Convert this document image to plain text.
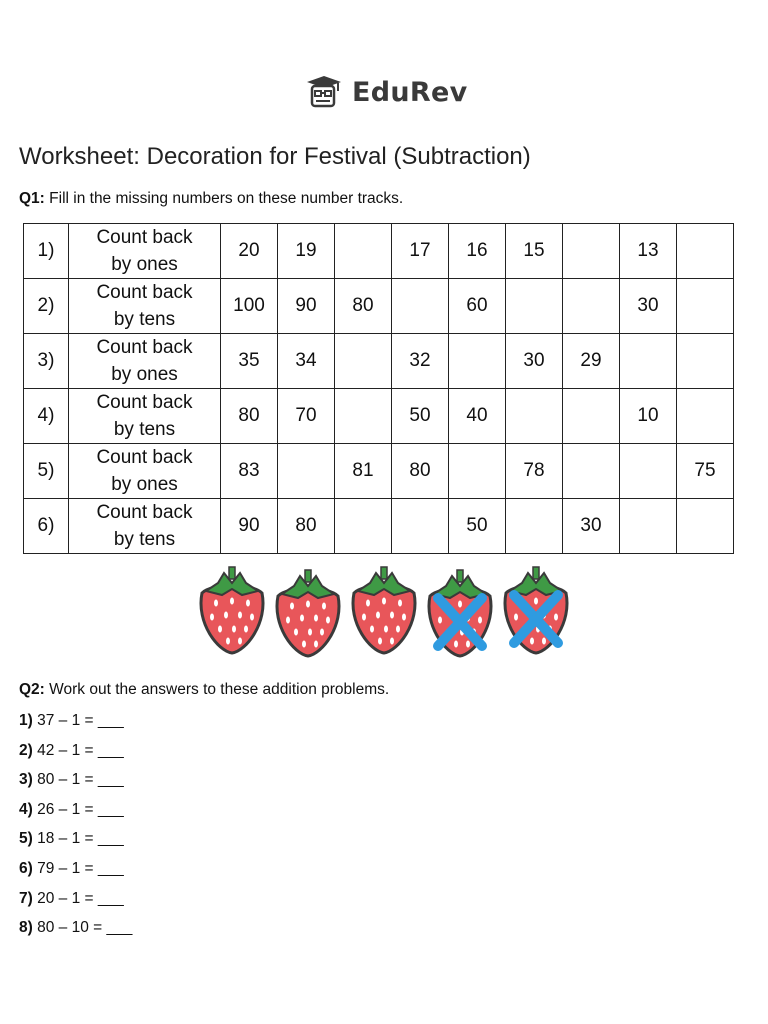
EduRev
Worksheet: Decoration for Festival (Subtraction)
Q1: Fill in the missing numbers on these number tracks.
1)	Count back
by ones	20	19		17	16	15		13	
2)	Count back
by tens	100	90	80		60			30	
3)	Count back
by ones	35	34		32		30	29		
4)	Count back
by tens	80	70		50	40			10	
5)	Count back
by ones	83		81	80		78			75
6)	Count back
by tens	90	80			50		30		
Q2: Work out the answers to these addition problems.
1) 37 – 1 = ___
2) 42 – 1 = ___
3) 80 – 1 = ___
4) 26 – 1 = ___
5) 18 – 1 = ___
6) 79 – 1 = ___
7) 20 – 1 = ___
8) 80 – 10 = ___
